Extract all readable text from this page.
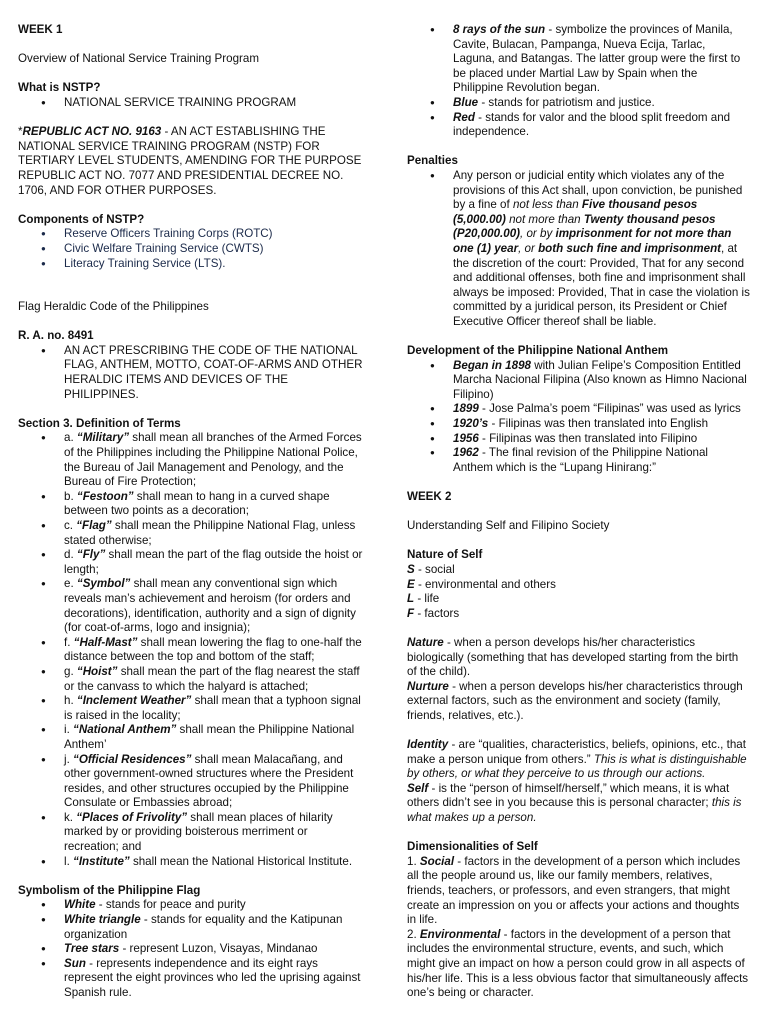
WEEK 1

Overview of National Service Training Program

What is NSTP?

● NATIONAL SERVICE TRAINING PROGRAM

*REPUBLIC ACT NO. 9163 - AN ACT ESTABLISHING THE NATIONAL SERVICE TRAINING PROGRAM (NSTP) FOR TERTIARY LEVEL STUDENTS, AMENDING FOR THE PURPOSE REPUBLIC ACT NO. 7077 AND PRESIDENTIAL DECREE NO. 1706, AND FOR OTHER PURPOSES.

Components of NSTP?

● Reserve Officers Training Corps (ROTC)
● Civic Welfare Training Service (CWTS)
● Literacy Training Service (LTS).

Flag Heraldic Code of the Philippines

R. A. no. 8491

● AN ACT PRESCRIBING THE CODE OF THE NATIONAL FLAG, ANTHEM, MOTTO, COAT-OF-ARMS AND OTHER HERALDIC ITEMS AND DEVICES OF THE PHILIPPINES.

Section 3. Definition of Terms

● a. “Military” shall mean all branches of the Armed Forces of the Philippines including the Philippine National Police, the Bureau of Jail Management and Penology, and the Bureau of Fire Protection;
● b. “Festoon” shall mean to hang in a curved shape between two points as a decoration;
● c. “Flag” shall mean the Philippine National Flag, unless stated otherwise;
● d. “Fly” shall mean the part of the flag outside the hoist or length;
● e. “Symbol” shall mean any conventional sign which reveals man’s achievement and heroism (for orders and decorations), identification, authority and a sign of dignity (for coat-of-arms, logo and insignia);
● f. “Half-Mast” shall mean lowering the flag to one-half the distance between the top and bottom of the staff;
● g. “Hoist” shall mean the part of the flag nearest the staff or the canvass to which the halyard is attached;
● h. “Inclement Weather” shall mean that a typhoon signal is raised in the locality;
● i. “National Anthem” shall mean the Philippine National Anthem’
● j. “Official Residences” shall mean Malacañang, and other government-owned structures where the President resides, and other structures occupied by the Philippine Consulate or Embassies abroad;
● k. “Places of Frivolity” shall mean places of hilarity marked by or providing boisterous merriment or recreation; and
● l. “Institute” shall mean the National Historical Institute.

Symbolism of the Philippine Flag

● White - stands for peace and purity
● White triangle - stands for equality and the Katipunan organization
● Tree stars - represent Luzon, Visayas, Mindanao
● Sun - represents independence and its eight rays represent the eight provinces who led the uprising against Spanish rule.
● 8 rays of the sun - symbolize the provinces of Manila, Cavite, Bulacan, Pampanga, Nueva Ecija, Tarlac, Laguna, and Batangas. The latter group were the first to be placed under Martial Law by Spain when the Philippine Revolution began.
● Blue - stands for patriotism and justice.
● Red - stands for valor and the blood split freedom and independence.

Penalties

● Any person or judicial entity which violates any of the provisions of this Act shall, upon conviction, be punished by a fine of not less than Five thousand pesos (5,000.00) not more than Twenty thousand pesos (P20,000.00), or by imprisonment for not more than one (1) year, or both such fine and imprisonment, at the discretion of the court: Provided, That for any second and additional offenses, both fine and imprisonment shall always be imposed: Provided, That in case the violation is committed by a juridical person, its President or Chief Executive Officer thereof shall be liable.

Development of the Philippine National Anthem

● Began in 1898 with Julian Felipe’s Composition Entitled Marcha Nacional Filipina (Also known as Himno Nacional Filipino)
● 1899 - Jose Palma’s poem “Filipinas” was used as lyrics
● 1920’s - Filipinas was then translated into English
● 1956 - Filipinas was then translated into Filipino
● 1962 - The final revision of the Philippine National Anthem which is the “Lupang Hinirang:”

WEEK 2

Understanding Self and Filipino Society

Nature of Self

S - social

E - environmental and others

L - life

F - factors

Nature - when a person develops his/her characteristics biologically (something that has developed starting from the birth of the child).

Nurture - when a person develops his/her characteristics through external factors, such as the environment and society (family, friends, relatives, etc.).

Identity - are “qualities, characteristics, beliefs, opinions, etc., that make a person unique from others.” This is what is distinguishable by others, or what they perceive to us through our actions.

Self - is the “person of himself/herself,” which means, it is what others didn’t see in you because this is personal character; this is what makes up a person.

Dimensionalities of Self

1. Social - factors in the development of a person which includes all the people around us, like our family members, relatives, friends, teachers, or professors, and even strangers, that might create an impression on you or affects your actions and thoughts in life.

2. Environmental - factors in the development of a person that includes the environmental structure, events, and such, which might give an impact on how a person could grow in all aspects of his/her life. This is a less obvious factor that simultaneously affects one’s being or character.
